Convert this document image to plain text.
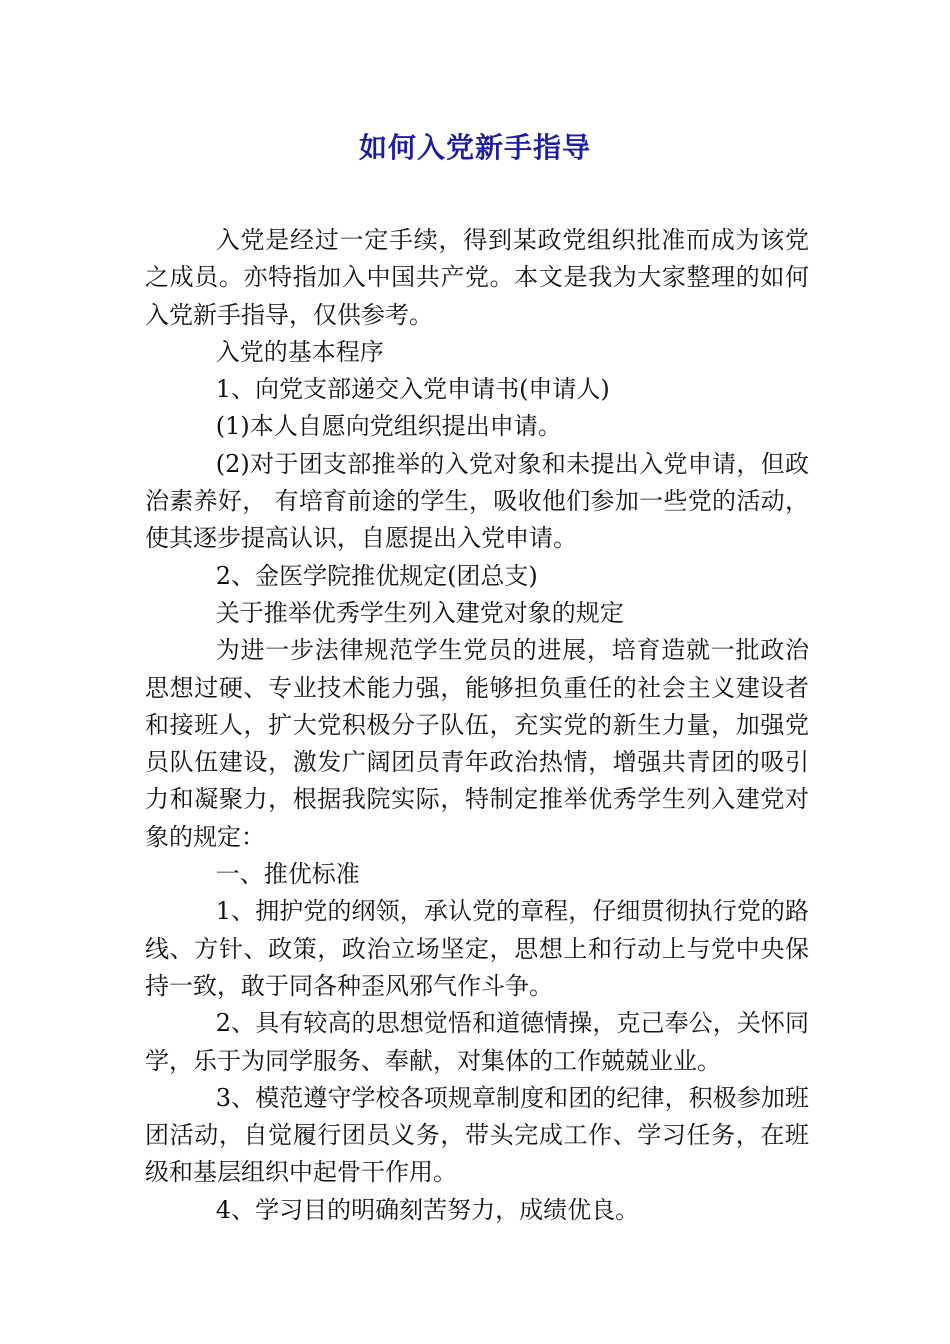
如何入党新手指导

入党是经过一定手续，得到某政党组织批准而成为该党之成员。亦特指加入中国共产党。本文是我为大家整理的如何入党新手指导，仅供参考。

入党的基本程序

1、向党支部递交入党申请书(申请人)

(1)本人自愿向党组织提出申请。

(2)对于团支部推举的入党对象和未提出入党申请，但政治素养好， 有培育前途的学生，吸收他们参加一些党的活动，使其逐步提高认识，自愿提出入党申请。

2、金医学院推优规定(团总支)

关于推举优秀学生列入建党对象的规定

为进一步法律规范学生党员的进展，培育造就一批政治思想过硬、专业技术能力强，能够担负重任的社会主义建设者和接班人，扩大党积极分子队伍，充实党的新生力量，加强党员队伍建设，激发广阔团员青年政治热情，增强共青团的吸引力和凝聚力，根据我院实际，特制定推举优秀学生列入建党对象的规定：

一、推优标准

1、拥护党的纲领，承认党的章程，仔细贯彻执行党的路线、方针、政策，政治立场坚定，思想上和行动上与党中央保持一致，敢于同各种歪风邪气作斗争。

2、具有较高的思想觉悟和道德情操，克己奉公，关怀同学，乐于为同学服务、奉献，对集体的工作兢兢业业。

3、模范遵守学校各项规章制度和团的纪律，积极参加班团活动，自觉履行团员义务，带头完成工作、学习任务，在班级和基层组织中起骨干作用。

4、学习目的明确刻苦努力，成绩优良。
